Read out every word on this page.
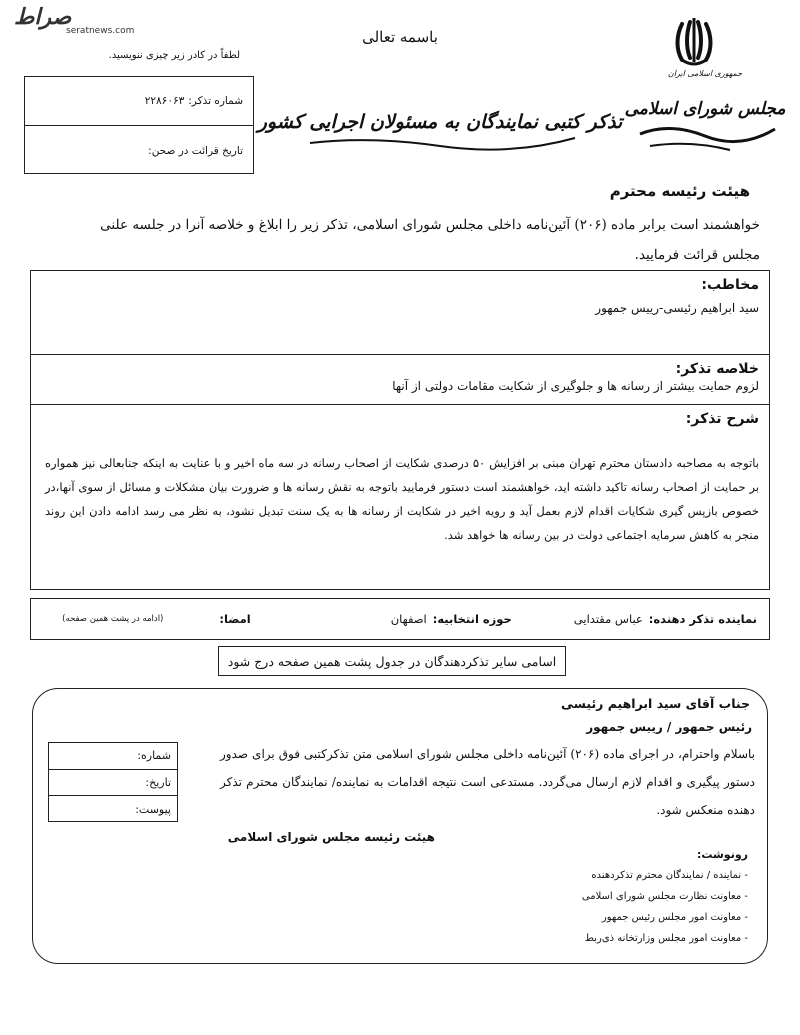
صراط
seratnews.com	باسمه تعالی
لطفاً در کادر زیر چیزی ننویسید.
شماره تذکر:
۲۲۸۶۰۶۳
تاریخ قرائت در صحن:
تذکر کتبی نمایندگان به مسئولان اجرایی کشور
جمهوری اسلامی ایران
مجلس شورای اسلامی
هیئت رئیسه محترم
خواهشمند است برابر ماده (۲۰۶) آئین‌نامه داخلی مجلس شورای اسلامی، تذکر زیر را ابلاغ و خلاصه آنرا در جلسه علنی مجلس قرائت فرمایید.
مخاطب:
سید ابراهیم رئیسی-رییس جمهور
خلاصه تذکر:
لزوم حمایت بیشتر از رسانه ها و جلوگیری از شکایت مقامات دولتی از آنها
شرح تذکر:
باتوجه به مصاحبه دادستان محترم تهران مبنی بر افزایش ۵۰ درصدی شکایت از اصحاب رسانه در سه ماه اخیر و با عنایت به اینکه جنابعالی نیز همواره بر حمایت از اصحاب رسانه تاکید داشته اید، خواهشمند است دستور فرمایید باتوجه به نقش رسانه ها و ضرورت بیان مشکلات و مسائل از سوی آنها،در خصوص بازپس گیری شکایات اقدام لازم بعمل آید و رویه اخیر در شکایت از رسانه ها به یک سنت تبدیل نشود، به نظر می رسد ادامه دادن این روند منجر به کاهش سرمایه اجتماعی دولت در بین رسانه ها خواهد شد.
نماینده تذکر دهنده:
عباس مقتدایی
حوزه انتخابیه:
اصفهان
امضا:
(ادامه در پشت همین صفحه)
اسامی سایر تذکردهندگان در جدول پشت همین صفحه درج شود
جناب آقای سید ابراهیم رئیسی
رئیس جمهور / رییس جمهور
باسلام واحترام، در اجرای ماده (۲۰۶) آئین‌نامه داخلی مجلس شورای اسلامی متن تذکرکتبی فوق برای صدور دستور پیگیری و اقدام لازم ارسال می‌گردد. مستدعی است نتیجه اقدامات به نماینده/ نمایندگان محترم تذکر دهنده منعکس شود.
هیئت رئیسه مجلس شورای اسلامی
شماره:
تاریخ:
پیوست:
رونوشت:
- نماینده / نمایندگان محترم تذکردهنده
- معاونت نظارت مجلس شورای اسلامی
- معاونت امور مجلس رئیس جمهور
- معاونت امور مجلس وزارتخانه ذی‌ربط
